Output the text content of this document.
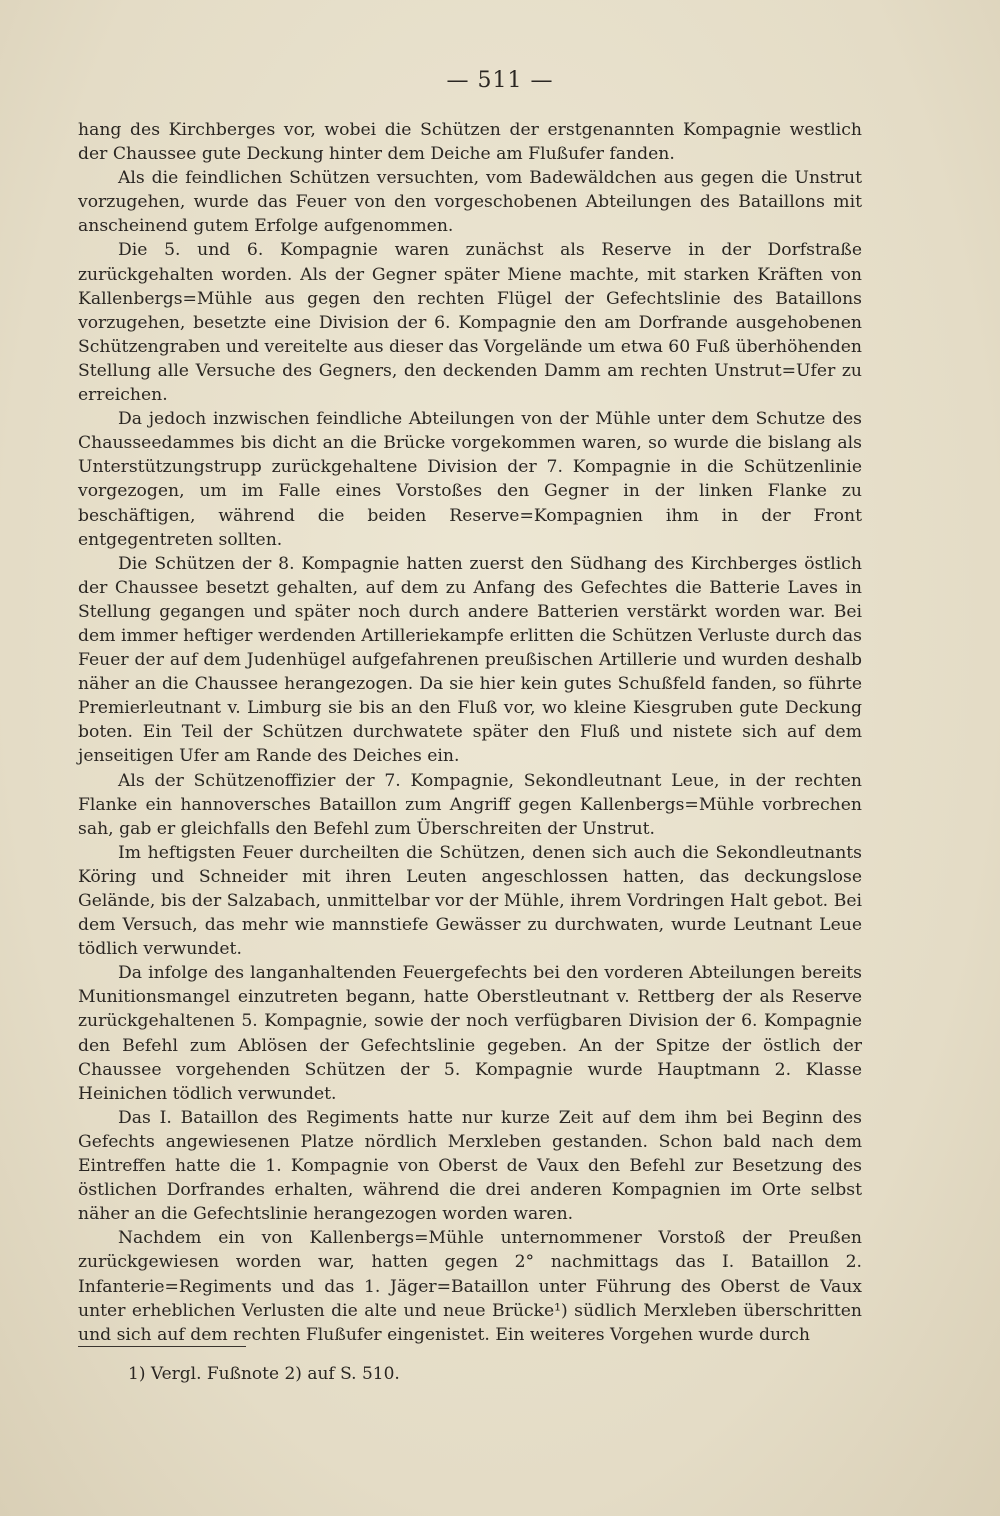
— 511 —

hang des Kirchberges vor, wobei die Schützen der erstgenannten Kompagnie westlich der Chaussee gute Deckung hinter dem Deiche am Flußufer fanden.

Als die feindlichen Schützen versuchten, vom Badewäldchen aus gegen die Unstrut vorzugehen, wurde das Feuer von den vorgeschobenen Abteilungen des Bataillons mit anscheinend gutem Erfolge aufgenommen.

Die 5. und 6. Kompagnie waren zunächst als Reserve in der Dorfstraße zurückgehalten worden. Als der Gegner später Miene machte, mit starken Kräften von Kallenbergs=Mühle aus gegen den rechten Flügel der Gefechtslinie des Bataillons vorzugehen, besetzte eine Division der 6. Kompagnie den am Dorfrande ausgehobenen Schützengraben und vereitelte aus dieser das Vorgelände um etwa 60 Fuß überhöhenden Stellung alle Versuche des Gegners, den deckenden Damm am rechten Unstrut=Ufer zu erreichen.

Da jedoch inzwischen feindliche Abteilungen von der Mühle unter dem Schutze des Chausseedammes bis dicht an die Brücke vorgekommen waren, so wurde die bislang als Unterstützungstrupp zurückgehaltene Division der 7. Kompagnie in die Schützenlinie vorgezogen, um im Falle eines Vorstoßes den Gegner in der linken Flanke zu beschäftigen, während die beiden Reserve=Kompagnien ihm in der Front entgegentreten sollten.

Die Schützen der 8. Kompagnie hatten zuerst den Südhang des Kirchberges östlich der Chaussee besetzt gehalten, auf dem zu Anfang des Gefechtes die Batterie Laves in Stellung gegangen und später noch durch andere Batterien verstärkt worden war. Bei dem immer heftiger werdenden Artilleriekampfe erlitten die Schützen Verluste durch das Feuer der auf dem Judenhügel aufgefahrenen preußischen Artillerie und wurden deshalb näher an die Chaussee herangezogen. Da sie hier kein gutes Schußfeld fanden, so führte Premierleutnant v. Limburg sie bis an den Fluß vor, wo kleine Kiesgruben gute Deckung boten. Ein Teil der Schützen durchwatete später den Fluß und nistete sich auf dem jenseitigen Ufer am Rande des Deiches ein.

Als der Schützenoffizier der 7. Kompagnie, Sekondleutnant Leue, in der rechten Flanke ein hannoversches Bataillon zum Angriff gegen Kallenbergs=Mühle vorbrechen sah, gab er gleichfalls den Befehl zum Überschreiten der Unstrut.

Im heftigsten Feuer durcheilten die Schützen, denen sich auch die Sekondleutnants Köring und Schneider mit ihren Leuten angeschlossen hatten, das deckungslose Gelände, bis der Salzabach, unmittelbar vor der Mühle, ihrem Vordringen Halt gebot. Bei dem Versuch, das mehr wie mannstiefe Gewässer zu durchwaten, wurde Leutnant Leue tödlich verwundet.

Da infolge des langanhaltenden Feuergefechts bei den vorderen Abteilungen bereits Munitionsmangel einzutreten begann, hatte Oberstleutnant v. Rettberg der als Reserve zurückgehaltenen 5. Kompagnie, sowie der noch verfügbaren Division der 6. Kompagnie den Befehl zum Ablösen der Gefechtslinie gegeben. An der Spitze der östlich der Chaussee vorgehenden Schützen der 5. Kompagnie wurde Hauptmann 2. Klasse Heinichen tödlich verwundet.

Das I. Bataillon des Regiments hatte nur kurze Zeit auf dem ihm bei Beginn des Gefechts angewiesenen Platze nördlich Merxleben gestanden. Schon bald nach dem Eintreffen hatte die 1. Kompagnie von Oberst de Vaux den Befehl zur Besetzung des östlichen Dorfrandes erhalten, während die drei anderen Kompagnien im Orte selbst näher an die Gefechtslinie herangezogen worden waren.

Nachdem ein von Kallenbergs=Mühle unternommener Vorstoß der Preußen zurückgewiesen worden war, hatten gegen 2° nachmittags das I. Bataillon 2. Infanterie=Regiments und das 1. Jäger=Bataillon unter Führung des Oberst de Vaux unter erheblichen Verlusten die alte und neue Brücke¹) südlich Merxleben überschritten und sich auf dem rechten Flußufer eingenistet. Ein weiteres Vorgehen wurde durch

1) Vergl. Fußnote 2) auf S. 510.
